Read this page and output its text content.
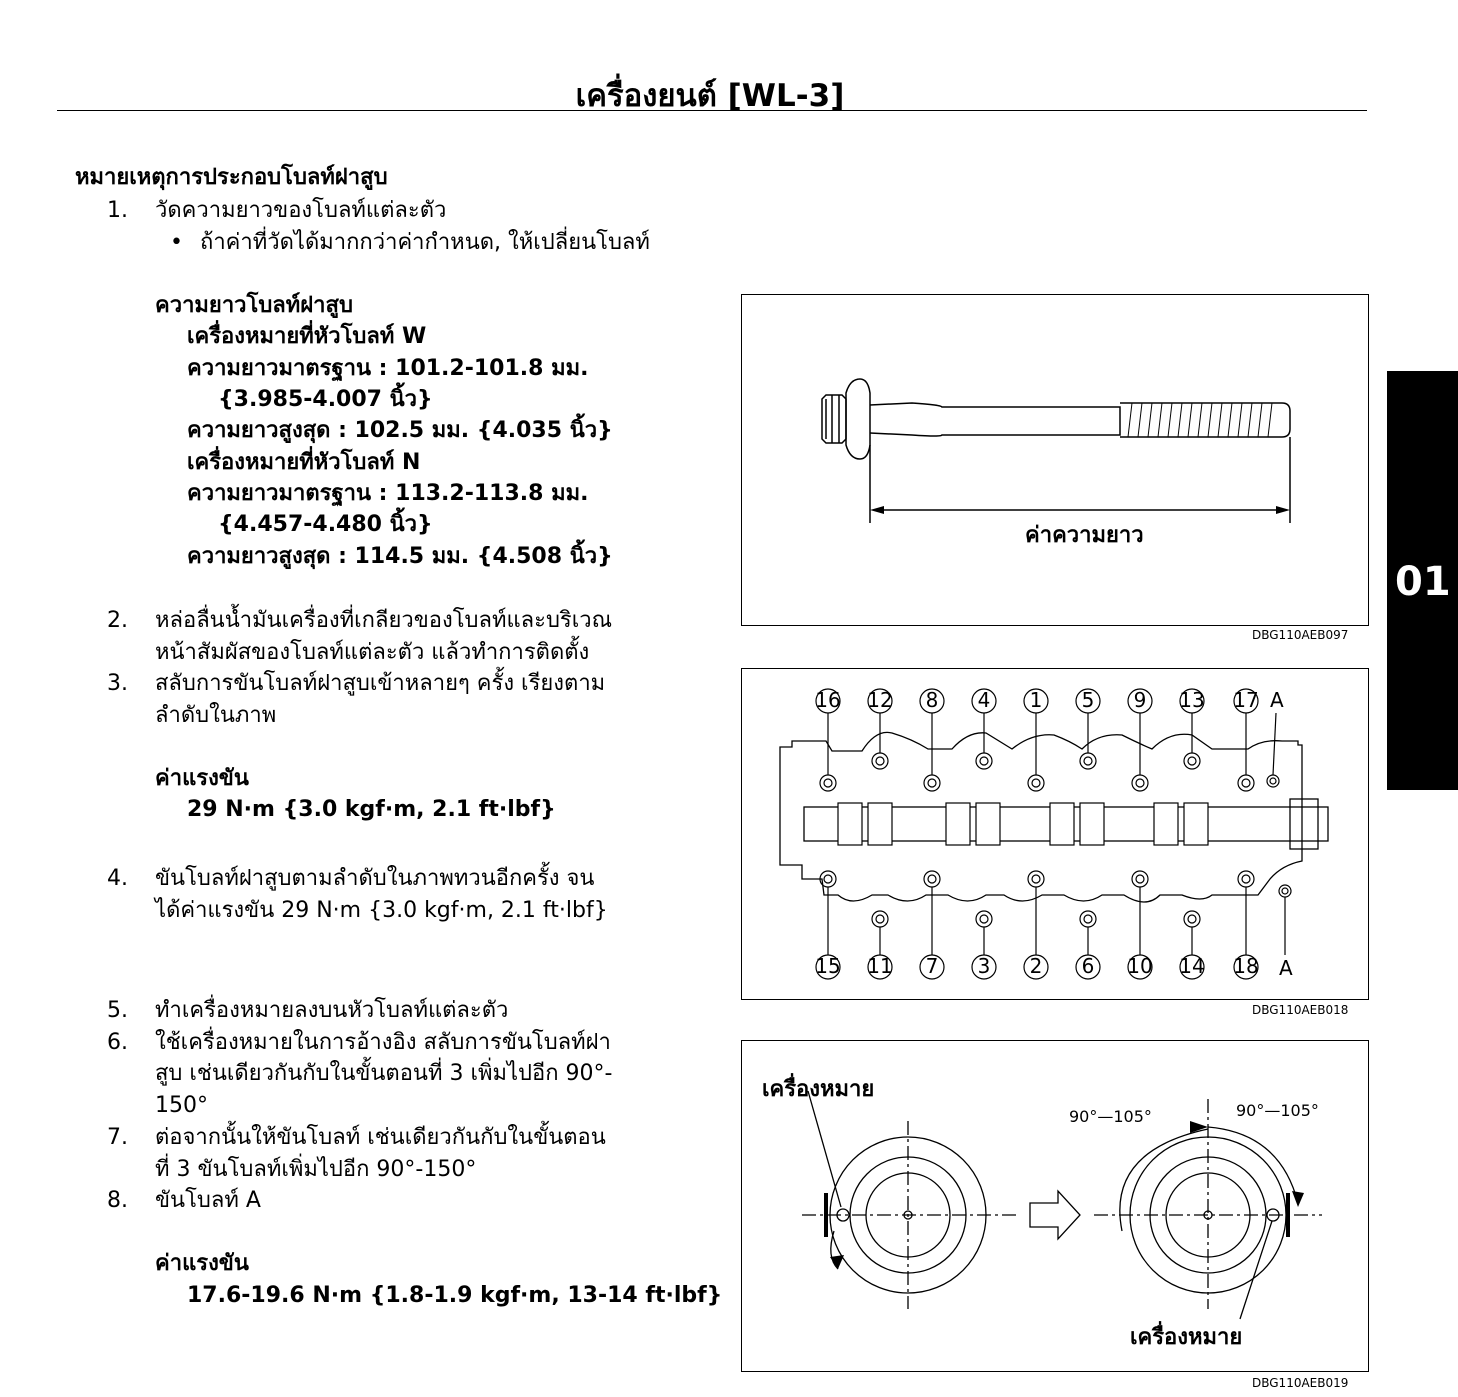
เครื่องยนต์ [WL-3]
01
หมายเหตุการประกอบโบลท์ฝาสูบ
1. วัดความยาวของโบลท์แต่ละตัว
• ถ้าค่าที่วัดได้มากกว่าค่ากำหนด, ให้เปลี่ยนโบลท์
ความยาวโบลท์ฝาสูบ
เครื่องหมายที่หัวโบลท์ W
ความยาวมาตรฐาน : 101.2-101.8 มม.
{3.985-4.007 นิ้ว}
ความยาวสูงสุด : 102.5 มม. {4.035 นิ้ว}
เครื่องหมายที่หัวโบลท์ N
ความยาวมาตรฐาน : 113.2-113.8 มม.
{4.457-4.480 นิ้ว}
ความยาวสูงสุด : 114.5 มม. {4.508 นิ้ว}
2. หล่อลื่นน้ำมันเครื่องที่เกลียวของโบลท์และบริเวณ
หน้าสัมผัสของโบลท์แต่ละตัว แล้วทำการติดตั้ง
3. สลับการขันโบลท์ฝาสูบเข้าหลายๆ ครั้ง เรียงตาม
ลำดับในภาพ
ค่าแรงขัน
29 N·m {3.0 kgf·m, 2.1 ft·lbf}
4. ขันโบลท์ฝาสูบตามลำดับในภาพทวนอีกครั้ง จน
ได้ค่าแรงขัน 29 N·m {3.0 kgf·m, 2.1 ft·lbf}
5. ทำเครื่องหมายลงบนหัวโบลท์แต่ละตัว
6. ใช้เครื่องหมายในการอ้างอิง สลับการขันโบลท์ฝา
สูบ เช่นเดียวกันกับในขั้นตอนที่ 3 เพิ่มไปอีก 90°-
150°
7. ต่อจากนั้นให้ขันโบลท์ เช่นเดียวกันกับในขั้นตอน
ที่ 3 ขันโบลท์เพิ่มไปอีก 90°-150°
8. ขันโบลท์ A
ค่าแรงขัน
17.6-19.6 N·m {1.8-1.9 kgf·m, 13-14 ft·lbf}
ค่าความยาว
DBG110AEB097
16 12	8	4	1	5	9	13 17 A
15 11	7	3	2	6	10 14 18 A
DBG110AEB018
เครื่องหมาย
90°—105°	90°—105°
เครื่องหมาย
DBG110AEB019
